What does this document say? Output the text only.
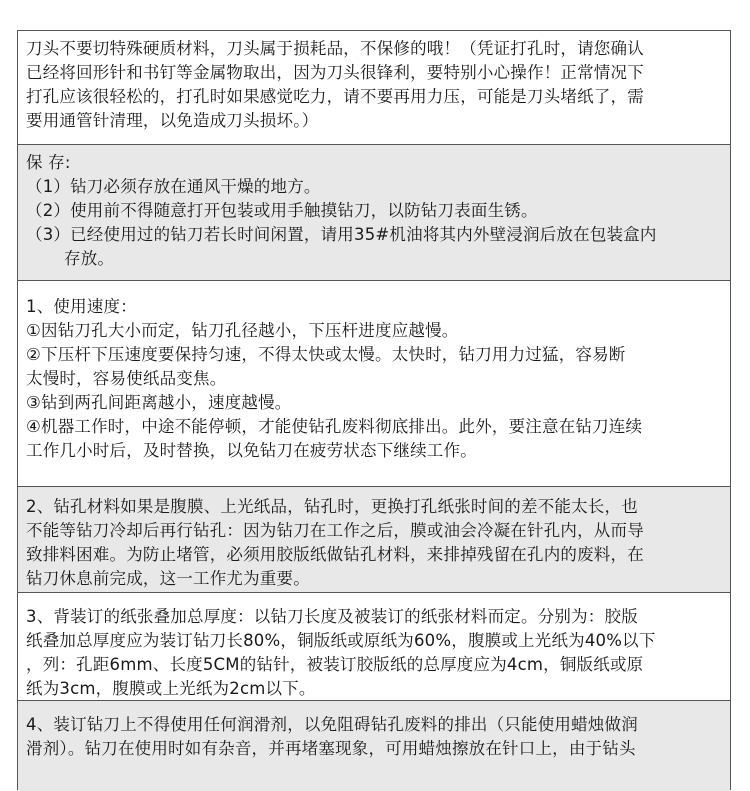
刀头不要切特殊硬质材料，刀头属于损耗品，不保修的哦！（凭证打孔时，请您确认
已经将回形针和书钉等金属物取出，因为刀头很锋利，要特别小心操作！正常情况下
打孔应该很轻松的，打孔时如果感觉吃力，请不要再用力压，可能是刀头堵纸了，需
要用通管针清理，以免造成刀头损坏。）
保 存:
（1）钻刀必须存放在通风干燥的地方。
（2）使用前不得随意打开包装或用手触摸钻刀，以防钻刀表面生锈。
（3）已经使用过的钻刀若长时间闲置，请用35#机油将其内外壁浸润后放在包装盒内
存放。
1、使用速度：
①因钻刀孔大小而定，钻刀孔径越小，下压杆进度应越慢。
②下压杆下压速度要保持匀速，不得太快或太慢。太快时，钻刀用力过猛，容易断
太慢时，容易使纸品变焦。
③钻到两孔间距离越小，速度越慢。
④机器工作时，中途不能停顿，才能使钻孔废料彻底排出。此外，要注意在钻刀连续
工作几小时后，及时替换，以免钻刀在疲劳状态下继续工作。
2、钻孔材料如果是腹膜、上光纸品，钻孔时，更换打孔纸张时间的差不能太长，也
不能等钻刀冷却后再行钻孔：因为钻刀在工作之后，膜或油会冷凝在针孔内，从而导
致排料困难。为防止堵管，必须用胶版纸做钻孔材料，来排掉残留在孔内的废料，在
钻刀休息前完成，这一工作尤为重要。
3、背装订的纸张叠加总厚度：以钻刀长度及被装订的纸张材料而定。分别为：胶版
纸叠加总厚度应为装订钻刀长80%，铜版纸或原纸为60%，腹膜或上光纸为40%以下
，列：孔距6mm、长度5CM的钻针，被装订胶版纸的总厚度应为4cm，铜版纸或原
纸为3cm，腹膜或上光纸为2cm以下。
4、装订钻刀上不得使用任何润滑剂，以免阻碍钻孔废料的排出（只能使用蜡烛做润
滑剂）。钻刀在使用时如有杂音，并再堵塞现象，可用蜡烛擦放在针口上，由于钻头
